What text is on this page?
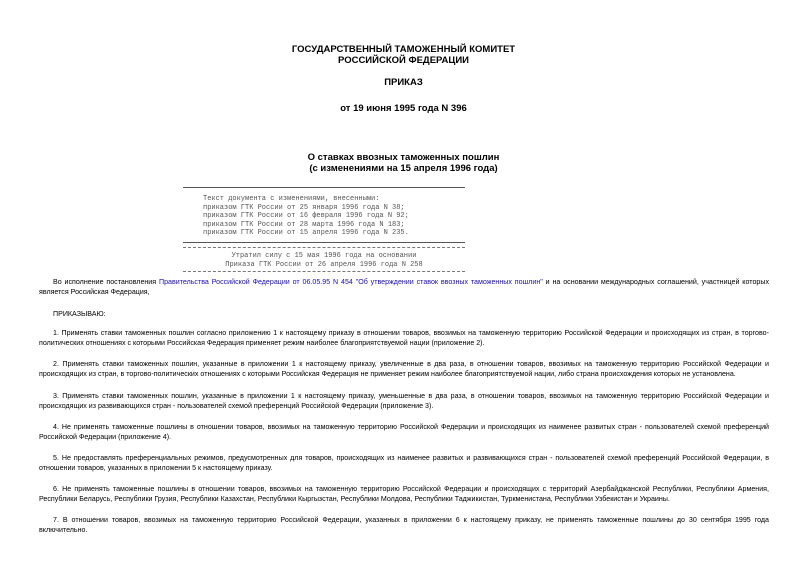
ГОСУДАРСТВЕННЫЙ ТАМОЖЕННЫЙ КОМИТЕТ
РОССИЙСКОЙ ФЕДЕРАЦИИ
ПРИКАЗ
от 19 июня 1995 года N 396
О ставках ввозных таможенных пошлин
(с изменениями на 15 апреля 1996 года)
Текст документа с изменениями, внесенными:
приказом ГТК России от 25 января 1996 года N 38;
приказом ГТК России от 16 февраля 1996 года N 92;
приказом ГТК России от 28 марта 1996 года N 183;
приказом ГТК России от 15 апреля 1996 года N 235.
Утратил силу с 15 мая 1996 года на основании
Приказа ГТК России от 26 апреля 1996 года N 258
Во исполнение постановления Правительства Российской Федерации от 06.05.95 N 454 "Об утверждении ставок ввозных таможенных пошлин" и на основании международных соглашений, участницей которых является Российская Федерация,
ПРИКАЗЫВАЮ:
1. Применять ставки таможенных пошлин согласно приложению 1 к настоящему приказу в отношении товаров, ввозимых на таможенную территорию Российской Федерации и происходящих из стран, в торгово-политических отношениях с которыми Российская Федерация применяет режим наиболее благоприятствуемой нации (приложение 2).
2. Применять ставки таможенных пошлин, указанные в приложении 1 к настоящему приказу, увеличенные в два раза, в отношении товаров, ввозимых на таможенную территорию Российской Федерации и происходящих из стран, в торгово-политических отношениях с которыми Российская Федерация не применяет режим наиболее благоприятствуемой нации, либо страна происхождения которых не установлена.
3. Применять ставки таможенных пошлин, указанные в приложении 1 к настоящему приказу, уменьшенные в два раза, в отношении товаров, ввозимых на таможенную территорию Российской Федерации и происходящих из развивающихся стран - пользователей схемой преференций Российской Федерации (приложение 3).
4. Не применять таможенные пошлины в отношении товаров, ввозимых на таможенную территорию Российской Федерации и происходящих из наименее развитых стран - пользователей схемой преференций Российской Федерации (приложение 4).
5. Не предоставлять преференциальных режимов, предусмотренных для товаров, происходящих из наименее развитых и развивающихся стран - пользователей схемой преференций Российской Федерации, в отношении товаров, указанных в приложении 5 к настоящему приказу.
6. Не применять таможенные пошлины в отношении товаров, ввозимых на таможенную территорию Российской Федерации и происходящих с территорий Азербайджанской Республики, Республики Армения, Республики Беларусь, Республики Грузия, Республики Казахстан, Республики Кыргызстан, Республики Молдова, Республики Таджикистан, Туркменистана, Республики Узбекистан и Украины.
7. В отношении товаров, ввозимых на таможенную территорию Российской Федерации, указанных в приложении 6 к настоящему приказу, не применять таможенные пошлины до 30 сентября 1995 года включительно.
